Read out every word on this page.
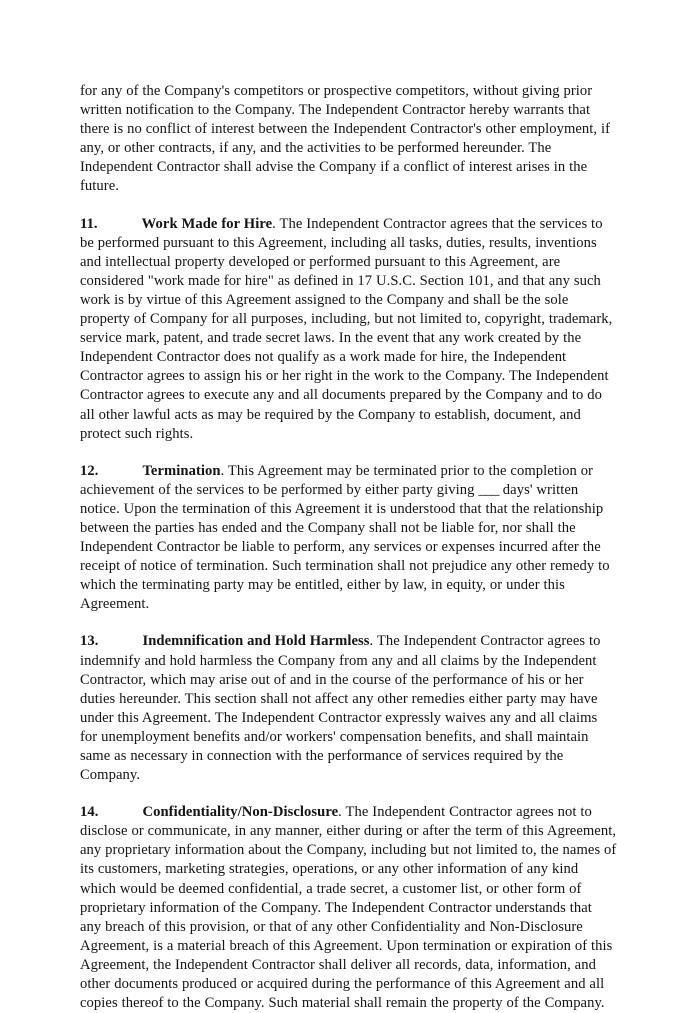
for any of the Company's competitors or prospective competitors, without giving prior written notification to the Company. The Independent Contractor hereby warrants that there is no conflict of interest between the Independent Contractor's other employment, if any, or other contracts, if any, and the activities to be performed hereunder. The Independent Contractor shall advise the Company if a conflict of interest arises in the future.

11.	Work Made for Hire. The Independent Contractor agrees that the services to be performed pursuant to this Agreement, including all tasks, duties, results, inventions and intellectual property developed or performed pursuant to this Agreement, are considered "work made for hire" as defined in 17 U.S.C. Section 101, and that any such work is by virtue of this Agreement assigned to the Company and shall be the sole property of Company for all purposes, including, but not limited to, copyright, trademark, service mark, patent, and trade secret laws. In the event that any work created by the Independent Contractor does not qualify as a work made for hire, the Independent Contractor agrees to assign his or her right in the work to the Company. The Independent Contractor agrees to execute any and all documents prepared by the Company and to do all other lawful acts as may be required by the Company to establish, document, and protect such rights.

12.	Termination. This Agreement may be terminated prior to the completion or achievement of the services to be performed by either party giving ___ days' written notice. Upon the termination of this Agreement it is understood that that the relationship between the parties has ended and the Company shall not be liable for, nor shall the Independent Contractor be liable to perform, any services or expenses incurred after the receipt of notice of termination. Such termination shall not prejudice any other remedy to which the terminating party may be entitled, either by law, in equity, or under this Agreement.

13.	Indemnification and Hold Harmless. The Independent Contractor agrees to indemnify and hold harmless the Company from any and all claims by the Independent Contractor, which may arise out of and in the course of the performance of his or her duties hereunder. This section shall not affect any other remedies either party may have under this Agreement. The Independent Contractor expressly waives any and all claims for unemployment benefits and/or workers' compensation benefits, and shall maintain same as necessary in connection with the performance of services required by the Company.

14.	Confidentiality/Non-Disclosure. The Independent Contractor agrees not to disclose or communicate, in any manner, either during or after the term of this Agreement, any proprietary information about the Company, including but not limited to, the names of its customers, marketing strategies, operations, or any other information of any kind which would be deemed confidential, a trade secret, a customer list, or other form of proprietary information of the Company. The Independent Contractor understands that any breach of this provision, or that of any other Confidentiality and Non-Disclosure Agreement, is a material breach of this Agreement. Upon termination or expiration of this Agreement, the Independent Contractor shall deliver all records, data, information, and other documents produced or acquired during the performance of this Agreement and all copies thereof to the Company. Such material shall remain the property of the Company.
